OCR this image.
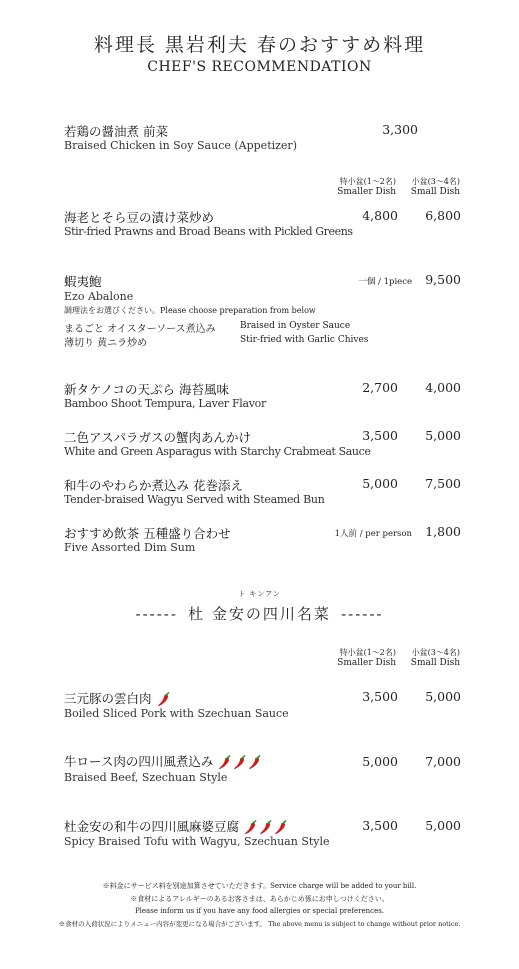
料理長 黒岩利夫 春のおすすめ料理
CHEF'S RECOMMENDATION
若鶏の醤油煮 前菜
Braised Chicken in Soy Sauce (Appetizer)
3,300
特小盆(1～2名)
Smaller Dish
小盆(3～4名)
Small Dish
海老とそら豆の漬け菜炒め
Stir-fried Prawns and Broad Beans with Pickled Greens
4,800	6,800
蝦夷鮑
Ezo Abalone
一個 / 1piece	9,500
調理法をお選びください。Please choose preparation from below
まるごと オイスターソース煮込み	Braised in Oyster Sauce
薄切り 黄ニラ炒め	Stir-fried with Garlic Chives
新タケノコの天ぷら 海苔風味
Bamboo Shoot Tempura, Laver Flavor
2,700	4,000
二色アスパラガスの蟹肉あんかけ
White and Green Asparagus with Starchy Crabmeat Sauce
3,500	5,000
和牛のやわらか煮込み 花巻添え
Tender-braised Wagyu Served with Steamed Bun
5,000	7,500
おすすめ飲茶 五種盛り合わせ
Five Assorted Dim Sum
1人前 / per person	1,800
ト キンアン
------ 杜 金安の四川名菜 ------
特小盆(1～2名)
Smaller Dish
小盆(3～4名)
Small Dish
三元豚の雲白肉
Boiled Sliced Pork with Szechuan Sauce
3,500	5,000
牛ロース肉の四川風煮込み
Braised Beef, Szechuan Style
5,000	7,000
杜金安の和牛の四川風麻婆豆腐
Spicy Braised Tofu with Wagyu, Szechuan Style
3,500	5,000
※料金にサービス料を別途加算させていただきます。Service charge will be added to your bill.
※食材によるアレルギーのあるお客さまは、あらかじめ係にお申しつけください。
Please inform us if you have any food allergies or special preferences.
※食材の入荷状況によりメニュー内容が変更になる場合がございます。 The above menu is subject to change without prior notice.
